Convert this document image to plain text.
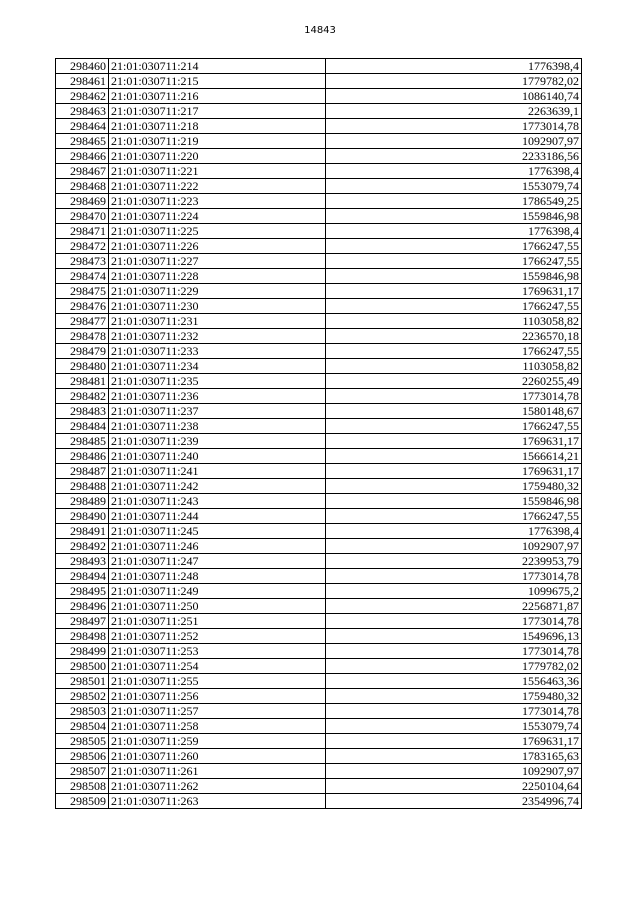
14843
298460	21:01:030711:214	1776398,4
298461	21:01:030711:215	1779782,02
298462	21:01:030711:216	1086140,74
298463	21:01:030711:217	2263639,1
298464	21:01:030711:218	1773014,78
298465	21:01:030711:219	1092907,97
298466	21:01:030711:220	2233186,56
298467	21:01:030711:221	1776398,4
298468	21:01:030711:222	1553079,74
298469	21:01:030711:223	1786549,25
298470	21:01:030711:224	1559846,98
298471	21:01:030711:225	1776398,4
298472	21:01:030711:226	1766247,55
298473	21:01:030711:227	1766247,55
298474	21:01:030711:228	1559846,98
298475	21:01:030711:229	1769631,17
298476	21:01:030711:230	1766247,55
298477	21:01:030711:231	1103058,82
298478	21:01:030711:232	2236570,18
298479	21:01:030711:233	1766247,55
298480	21:01:030711:234	1103058,82
298481	21:01:030711:235	2260255,49
298482	21:01:030711:236	1773014,78
298483	21:01:030711:237	1580148,67
298484	21:01:030711:238	1766247,55
298485	21:01:030711:239	1769631,17
298486	21:01:030711:240	1566614,21
298487	21:01:030711:241	1769631,17
298488	21:01:030711:242	1759480,32
298489	21:01:030711:243	1559846,98
298490	21:01:030711:244	1766247,55
298491	21:01:030711:245	1776398,4
298492	21:01:030711:246	1092907,97
298493	21:01:030711:247	2239953,79
298494	21:01:030711:248	1773014,78
298495	21:01:030711:249	1099675,2
298496	21:01:030711:250	2256871,87
298497	21:01:030711:251	1773014,78
298498	21:01:030711:252	1549696,13
298499	21:01:030711:253	1773014,78
298500	21:01:030711:254	1779782,02
298501	21:01:030711:255	1556463,36
298502	21:01:030711:256	1759480,32
298503	21:01:030711:257	1773014,78
298504	21:01:030711:258	1553079,74
298505	21:01:030711:259	1769631,17
298506	21:01:030711:260	1783165,63
298507	21:01:030711:261	1092907,97
298508	21:01:030711:262	2250104,64
298509	21:01:030711:263	2354996,74
